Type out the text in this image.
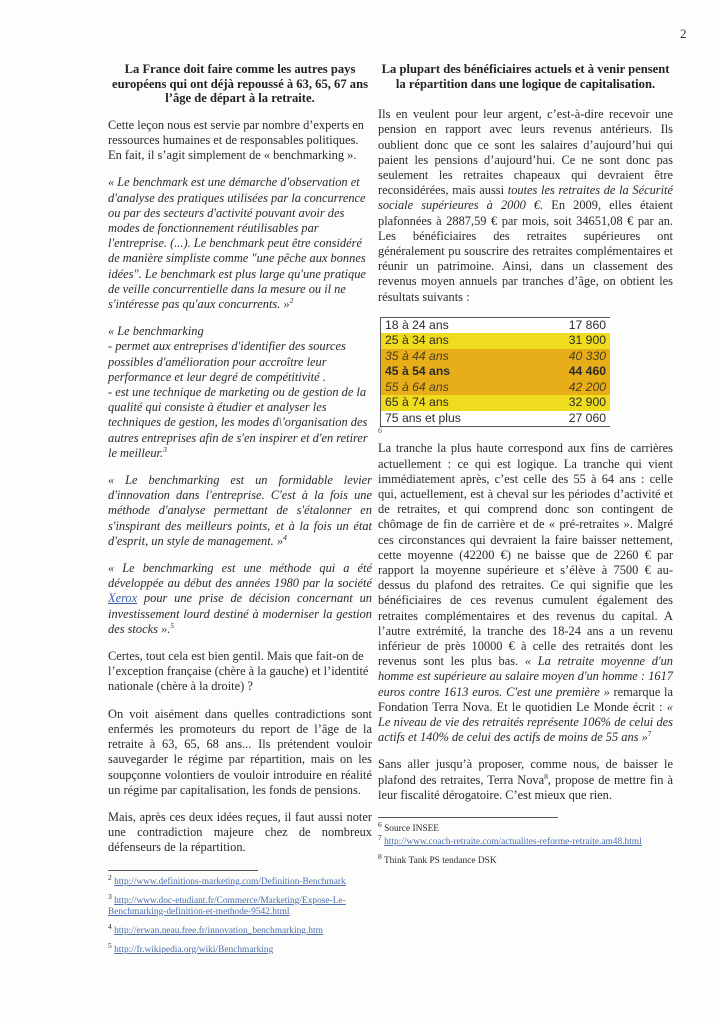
2
La France doit faire comme les autres pays européens qui ont déjà repoussé à 63, 65, 67 ans l’âge de départ à la retraite.

Cette leçon nous est servie par nombre d’experts en ressources humaines et de responsables politiques. En fait, il s’agit simplement de « benchmarking ».

« Le benchmark est une démarche d'observation et d'analyse des pratiques utilisées par la concurrence ou par des secteurs d'activité pouvant avoir des modes de fonctionnement réutilisables par l'entreprise. (...). Le benchmark peut être considéré de manière simpliste comme "une pêche aux bonnes idées". Le benchmark est plus large qu'une pratique de veille concurrentielle dans la mesure ou il ne s'intéresse pas qu'aux concurrents. »$^2$

« Le benchmarking
- permet aux entreprises d'identifier des sources possibles d'amélioration pour accroître leur performance et leur degré de compétitivité .
- est une technique de marketing ou de gestion de la qualité qui consiste à étudier et analyser les techniques de gestion, les modes d\'organisation des autres entreprises afin de s'en inspirer et d'en retirer le meilleur.$^3$

« Le benchmarking est un formidable levier d'innovation dans l'entreprise. C'est à la fois une méthode d'analyse permettant de s'étalonner en s'inspirant des meilleurs points, et à la fois un état d'esprit, un style de management. »$^4$

« Le benchmarking est une méthode qui a été développée au début des années 1980 par la société Xerox pour une prise de décision concernant un investissement lourd destiné à moderniser la gestion des stocks ».$^5$

Certes, tout cela est bien gentil. Mais que fait-on de l’exception française (chère à la gauche) et l’identité nationale (chère à la droite) ?

On voit aisément dans quelles contradictions sont enfermés les promoteurs du report de l’âge de la retraite à 63, 65, 68 ans... Ils prétendent vouloir sauvegarder le régime par répartition, mais on les soupçonne volontiers de vouloir introduire en réalité un régime par capitalisation, les fonds de pensions.

Mais, après ces deux idées reçues, il faut aussi noter une contradiction majeure chez de nombreux défenseurs de la répartition.

$^2$ http://www.definitions-marketing.com/Definition-Benchmark
$^3$ http://www.doc-etudiant.fr/Commerce/Marketing/Expose-Le-Benchmarking-definition-et-methode-9542.html
$^4$ http://erwan.neau.free.fr/innovation_benchmarking.htm
$^5$ http://fr.wikipedia.org/wiki/Benchmarking
La plupart des bénéficiaires actuels et à venir pensent la répartition dans une logique de capitalisation.

Ils en veulent pour leur argent, c’est-à-dire recevoir une pension en rapport avec leurs revenus antérieurs. Ils oublient donc que ce sont les salaires d’aujourd’hui qui paient les pensions d’aujourd’hui. Ce ne sont donc pas seulement les retraites chapeaux qui devraient être reconsidérées, mais aussi toutes les retraites de la Sécurité sociale supérieures à 2000 €. En 2009, elles étaient plafonnées à 2887,59 € par mois, soit 34651,08 € par an. Les bénéficiaires des retraites supérieures ont généralement pu souscrire des retraites complémentaires et réunir un patrimoine. Ainsi, dans un classement des revenus moyen annuels par tranches d’âge, on obtient les résultats suivants :

18 à 24 ans	17 860
25 à 34 ans	31 900
35 à 44 ans	40 330
45 à 54 ans	44 460
55 à 64 ans	42 200
65 à 74 ans	32 900
75 ans et plus	27 060
6

La tranche la plus haute correspond aux fins de carrières actuellement : ce qui est logique. La tranche qui vient immédiatement après, c’est celle des 55 à 64 ans : celle qui, actuellement, est à cheval sur les périodes d’activité et de retraites, et qui comprend donc son contingent de chômage de fin de carrière et de « pré-retraites ». Malgré ces circonstances qui devraient la faire baisser nettement, cette moyenne (42200 €) ne baisse que de 2260 € par rapport la moyenne supérieure et s’élève à 7500 € au-dessus du plafond des retraites. Ce qui signifie que les bénéficiaires de ces revenus cumulent également des retraites complémentaires et des revenus du capital. A l’autre extrémité, la tranche des 18-24 ans a un revenu inférieur de près 10000 € à celle des retraités dont les revenus sont les plus bas. « La retraite moyenne d'un homme est supérieure au salaire moyen d'un homme : 1617 euros contre 1613 euros. C'est une première » remarque la Fondation Terra Nova. Et le quotidien Le Monde écrit : « Le niveau de vie des retraités représente 106% de celui des actifs et 140% de celui des actifs de moins de 55 ans »$^7$

Sans aller jusqu’à proposer, comme nous, de baisser le plafond des retraites, Terra Nova$^8$, propose de mettre fin à leur fiscalité dérogatoire. C’est mieux que rien.

$^6$ Source INSEE
$^7$ http://www.coach-retraite.com/actualites-reforme-retraite.am48.html
$^8$ Think Tank PS tendance DSK
